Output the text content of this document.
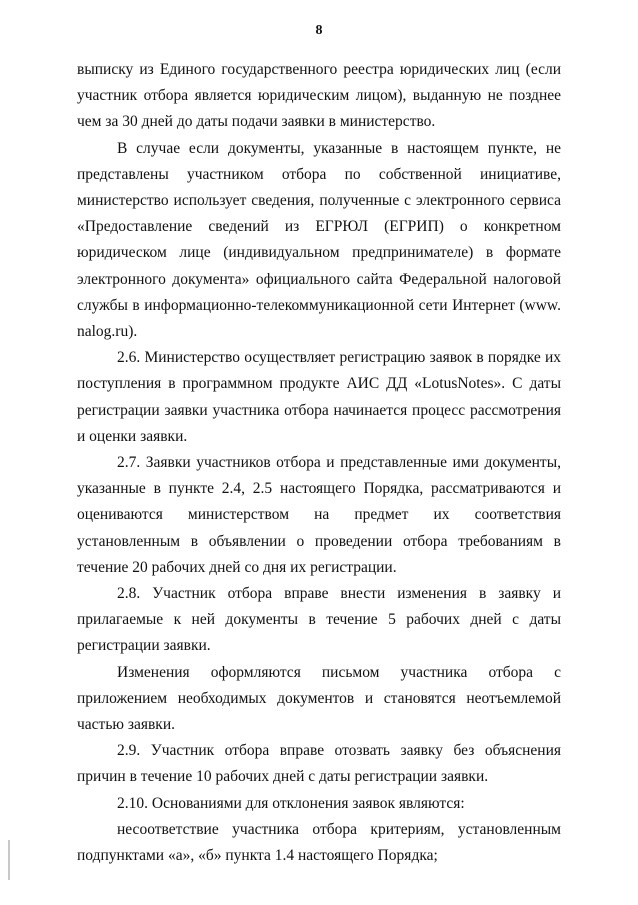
8

выписку из Единого государственного реестра юридических лиц (если участник отбора является юридическим лицом), выданную не позднее чем за 30 дней до даты подачи заявки в министерство.

В случае если документы, указанные в настоящем пункте, не представлены участником отбора по собственной инициативе, министерство использует сведения, полученные с электронного сервиса «Предоставление сведений из ЕГРЮЛ (ЕГРИП) о конкретном юридическом лице (индивидуальном предпринимателе) в формате электронного документа» официального сайта Федеральной налоговой службы в информационно-телекоммуникационной сети Интернет (www. nalog.ru).

2.6. Министерство осуществляет регистрацию заявок в порядке их поступления в программном продукте АИС ДД «LotusNotes». С даты регистрации заявки участника отбора начинается процесс рассмотрения и оценки заявки.

2.7. Заявки участников отбора и представленные ими документы, указанные в пункте 2.4, 2.5 настоящего Порядка, рассматриваются и оцениваются министерством на предмет их соответствия установленным в объявлении о проведении отбора требованиям в течение 20 рабочих дней со дня их регистрации.

2.8. Участник отбора вправе внести изменения в заявку и прилагаемые к ней документы в течение 5 рабочих дней с даты регистрации заявки.

Изменения оформляются письмом участника отбора с приложением необходимых документов и становятся неотъемлемой частью заявки.

2.9. Участник отбора вправе отозвать заявку без объяснения причин в течение 10 рабочих дней с даты регистрации заявки.

2.10. Основаниями для отклонения заявок являются:

несоответствие участника отбора критериям, установленным подпунктами «а», «б» пункта 1.4 настоящего Порядка;
